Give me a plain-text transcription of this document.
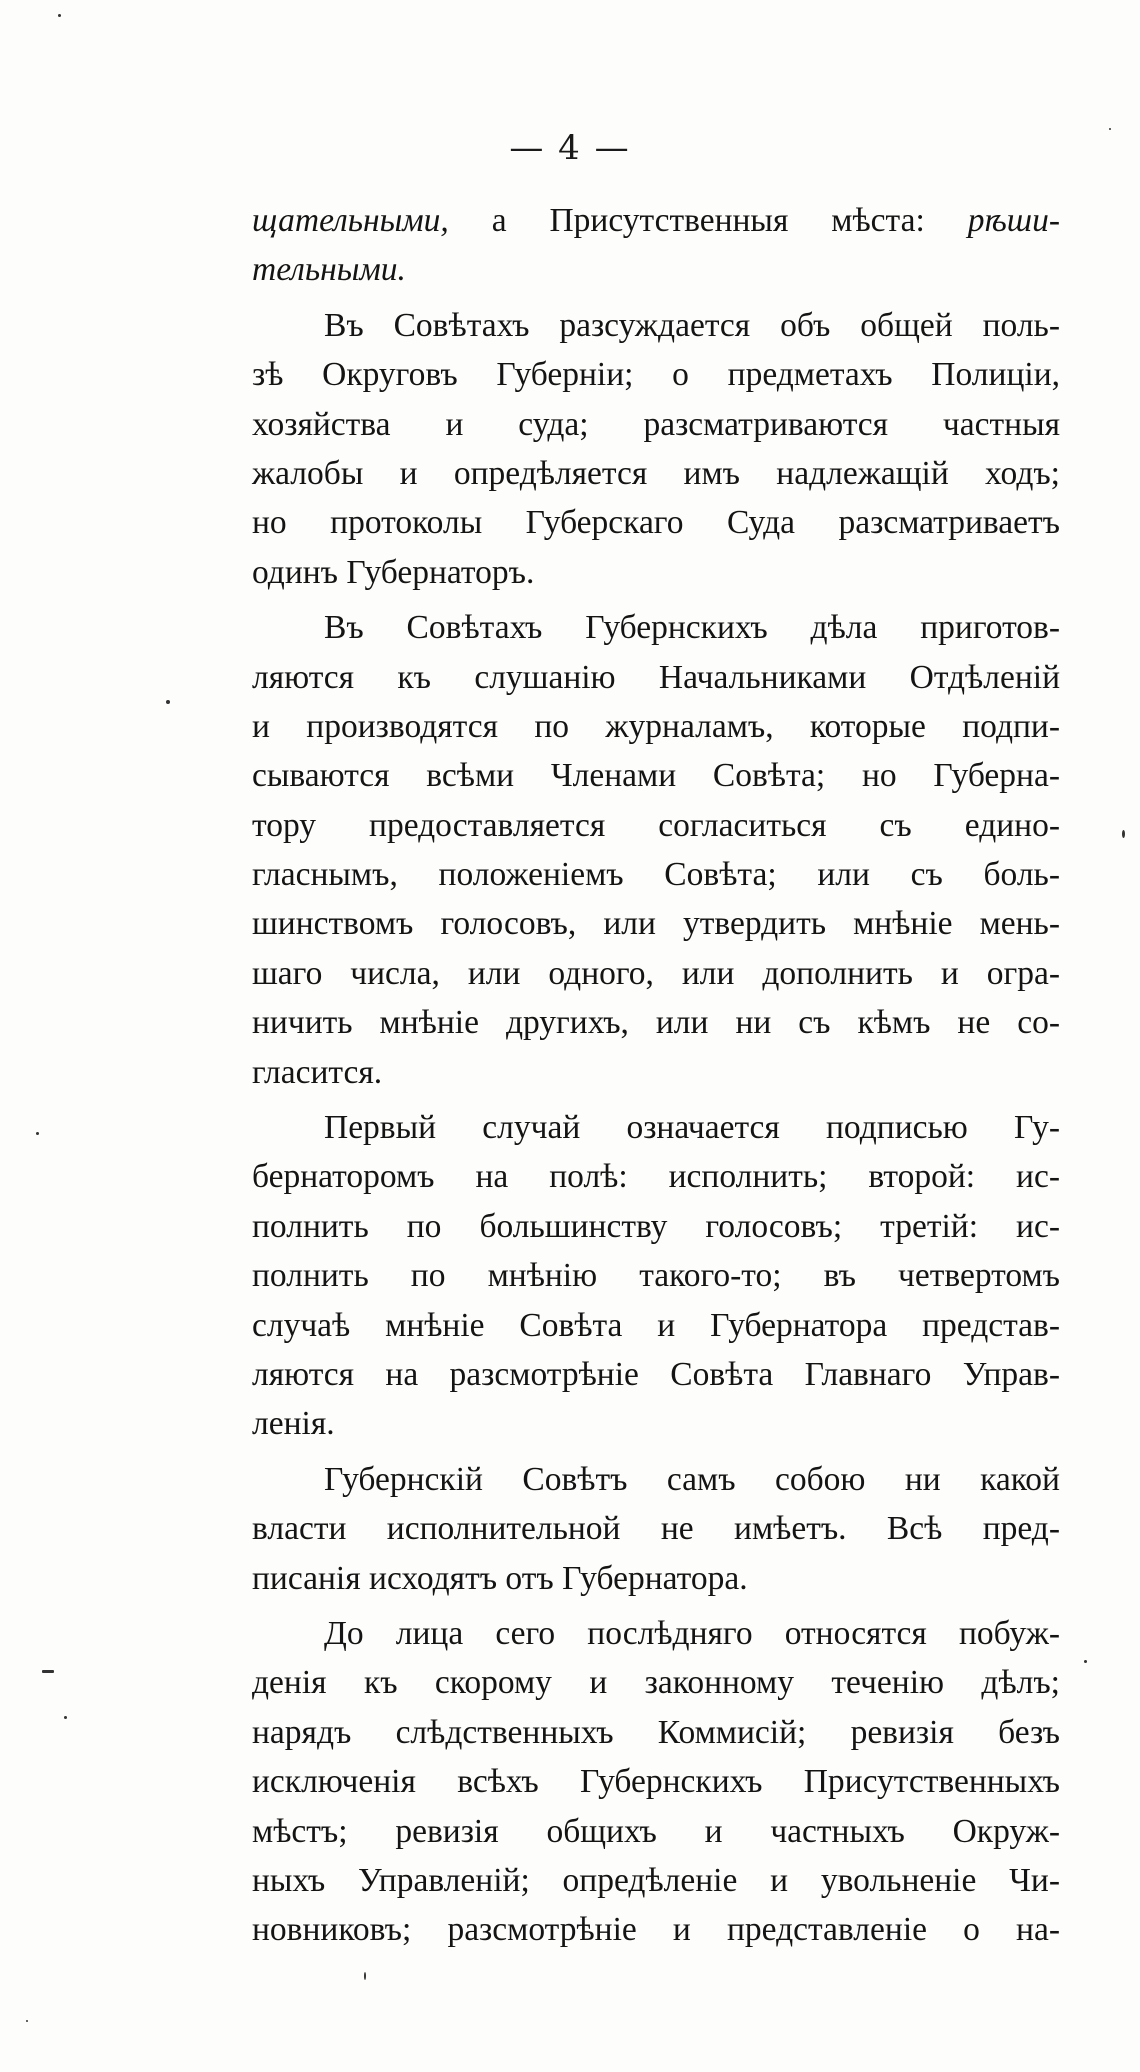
— 4 —
щательными, а Присутственныя мѣста: рѣши-
тельными.
Въ Совѣтахъ разсуждается объ общей поль-
зѣ Округовъ Губерніи; о предметахъ Полиціи,
хозяйства и суда; разсматриваются частныя
жалобы и опредѣляется имъ надлежащій ходъ;
но протоколы Губерскаго Суда разсматриваетъ
одинъ Губернаторъ.
Въ Совѣтахъ Губернскихъ дѣла приготов-
ляются къ слушанію Начальниками Отдѣленій
и производятся по журналамъ, которые подпи-
сываются всѣми Членами Совѣта; но Губерна-
тору предоставляется согласиться съ едино-
гласнымъ, положеніемъ Совѣта; или съ боль-
шинствомъ голосовъ, или утвердить мнѣніе мень-
шаго числа, или одного, или дополнить и огра-
ничить мнѣніе другихъ, или ни съ кѣмъ не со-
гласится.
Первый случай означается подписью Гу-
бернаторомъ на полѣ: исполнить; второй: ис-
полнить по большинству голосовъ; третій: ис-
полнить по мнѣнію такого-то; въ четвертомъ
случаѣ мнѣніе Совѣта и Губернатора представ-
ляются на разсмотрѣніе Совѣта Главнаго Управ-
ленія.
Губернскій Совѣтъ самъ собою ни какой
власти исполнительной не имѣетъ. Всѣ пред-
писанія исходятъ отъ Губернатора.
До лица сего послѣдняго относятся побуж-
денія къ скорому и законному теченію дѣлъ;
нарядъ слѣдственныхъ Коммисій; ревизія безъ
исключенія всѣхъ Губернскихъ Присутственныхъ
мѣстъ; ревизія общихъ и частныхъ Окруж-
ныхъ Управленій; опредѣленіе и увольненіе Чи-
новниковъ; разсмотрѣніе и представленіе о на-
